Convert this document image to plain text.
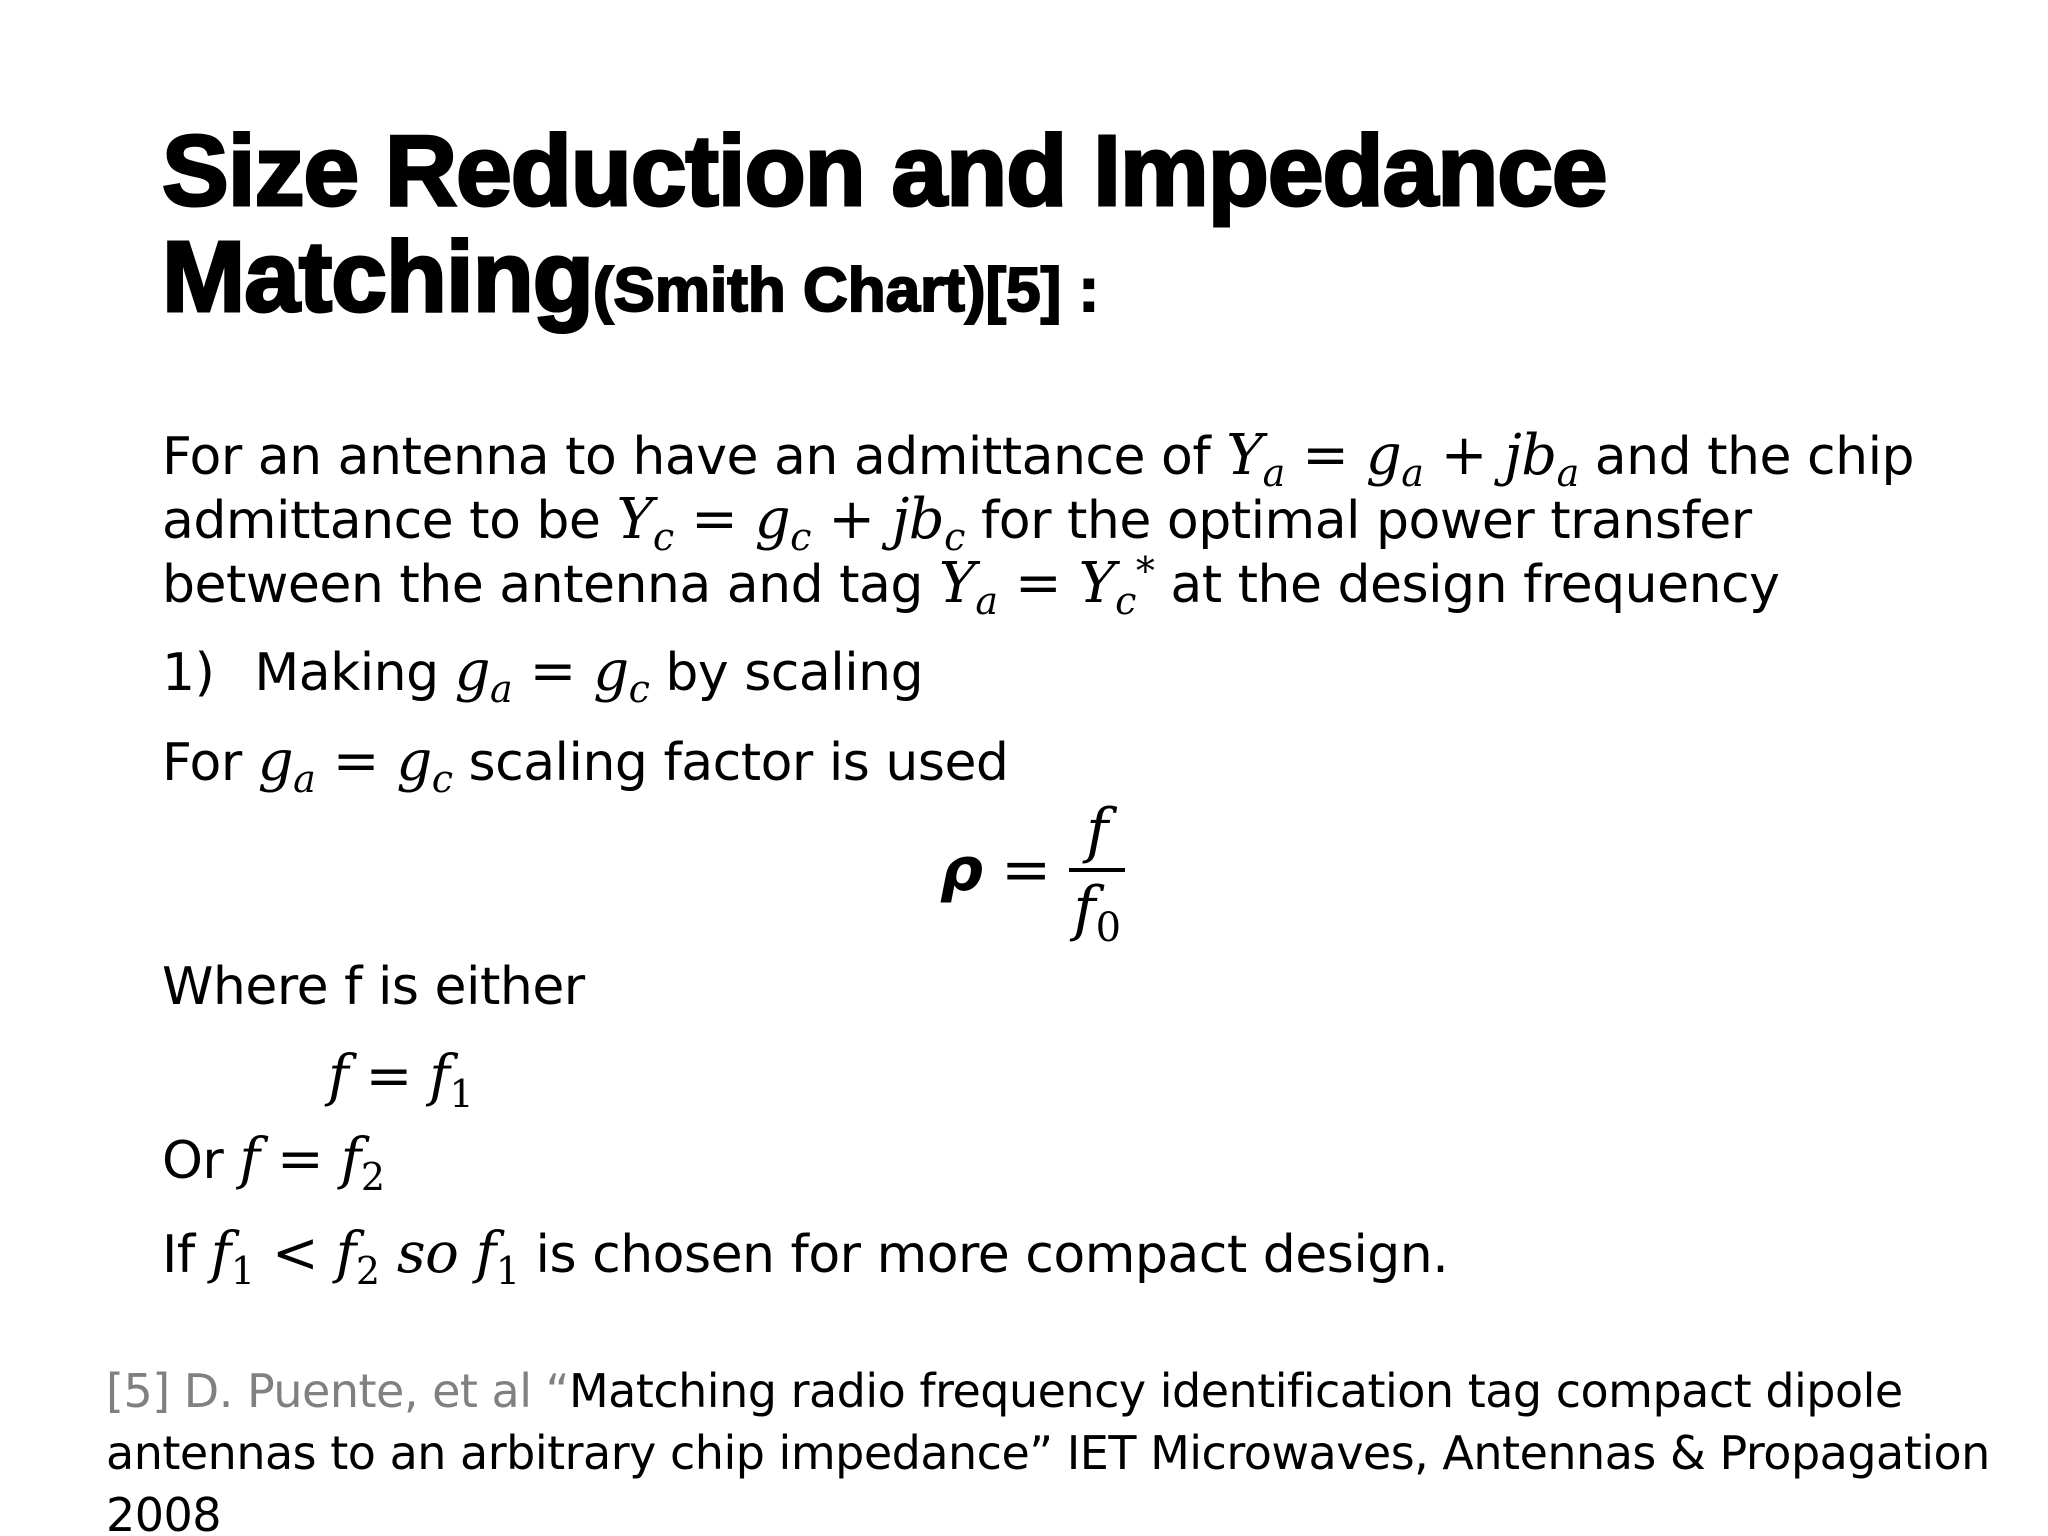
Size Reduction and Impedance
Matching(Smith Chart)[5] :
For an antenna to have an admittance of $Y_a = g_a + jb_a$ and the chip
admittance to be $Y_c = g_c + jb_c$ for the optimal power transfer
between the antenna and tag $Y_a = Y_c^*$ at the design frequency
1) Making $g_a = g_c$ by scaling
For $g_a = g_c$ scaling factor is used
$\rho = \frac{f}{f_0}$
Where f is either
$f = f_1$
Or $f = f_2$
If $f_1 < f_2$ so $f_1$ is chosen for more compact design.
[5] D. Puente, et al “Matching radio frequency identification tag compact dipole
antennas to an arbitrary chip impedance” IET Microwaves, Antennas & Propagation
2008
